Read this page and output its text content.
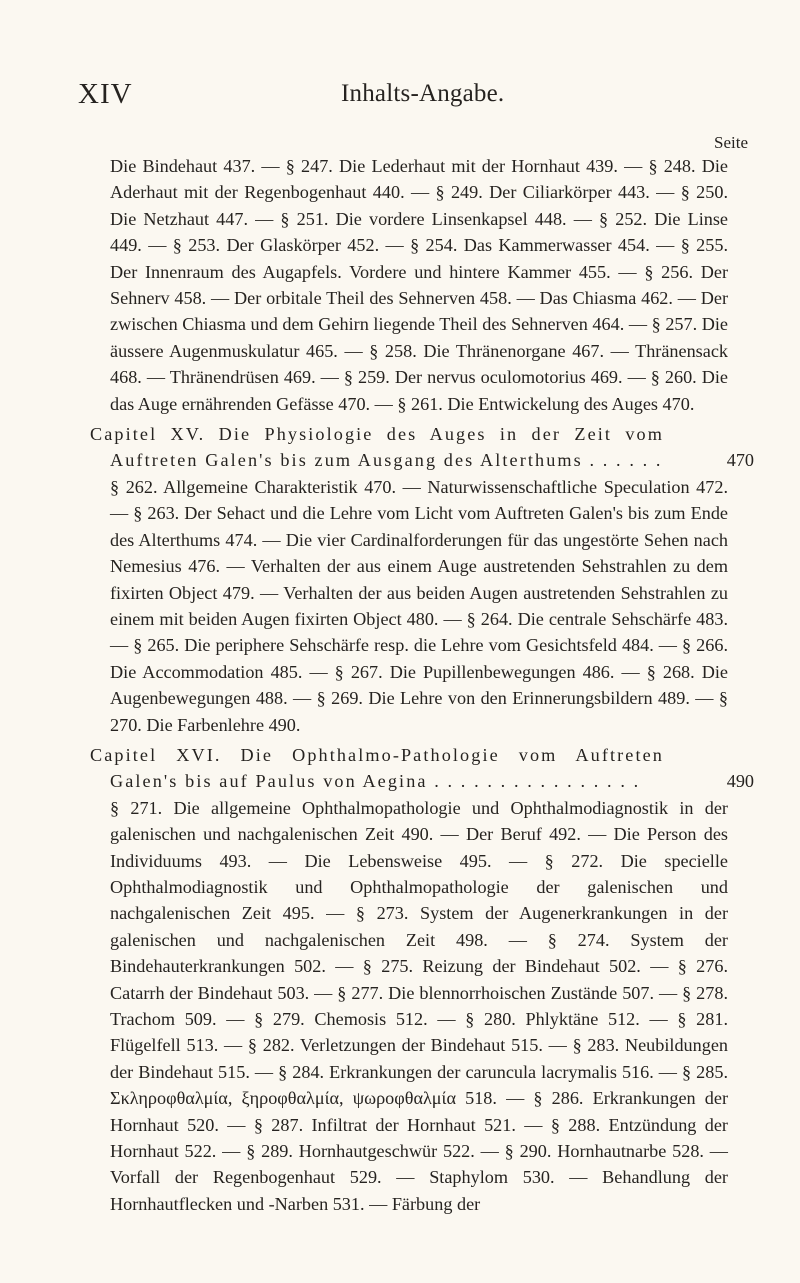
XIV	Inhalts-Angabe.
Seite

Die Bindehaut 437. — § 247. Die Lederhaut mit der Hornhaut 439. — § 248. Die Aderhaut mit der Regenbogenhaut 440. — § 249. Der Ciliarkörper 443. — § 250. Die Netzhaut 447. — § 251. Die vordere Linsenkapsel 448. — § 252. Die Linse 449. — § 253. Der Glaskörper 452. — § 254. Das Kammerwasser 454. — § 255. Der Innenraum des Augapfels. Vordere und hintere Kammer 455. — § 256. Der Sehnerv 458. — Der orbitale Theil des Sehnerven 458. — Das Chiasma 462. — Der zwischen Chiasma und dem Gehirn liegende Theil des Sehnerven 464. — § 257. Die äussere Augenmuskulatur 465. — § 258. Die Thränenorgane 467. — Thränensack 468. — Thränendrüsen 469. — § 259. Der nervus oculomotorius 469. — § 260. Die das Auge ernährenden Gefässe 470. — § 261. Die Entwickelung des Auges 470.

Capitel XV. Die Physiologie des Auges in der Zeit vom Auftreten Galen's bis zum Ausgang des Alterthums . . . . . .	470

§ 262. Allgemeine Charakteristik 470. — Naturwissenschaftliche Speculation 472. — § 263. Der Sehact und die Lehre vom Licht vom Auftreten Galen's bis zum Ende des Alterthums 474. — Die vier Cardinalforderungen für das ungestörte Sehen nach Nemesius 476. — Verhalten der aus einem Auge austretenden Sehstrahlen zu dem fixirten Object 479. — Verhalten der aus beiden Augen austretenden Sehstrahlen zu einem mit beiden Augen fixirten Object 480. — § 264. Die centrale Sehschärfe 483. — § 265. Die periphere Sehschärfe resp. die Lehre vom Gesichtsfeld 484. — § 266. Die Accommodation 485. — § 267. Die Pupillenbewegungen 486. — § 268. Die Augenbewegungen 488. — § 269. Die Lehre von den Erinnerungsbildern 489. — § 270. Die Farbenlehre 490.

Capitel XVI. Die Ophthalmo-Pathologie vom Auftreten Galen's bis auf Paulus von Aegina . . . . . . . . . . . . . . . .	490

§ 271. Die allgemeine Ophthalmopathologie und Ophthalmodiagnostik in der galenischen und nachgalenischen Zeit 490. — Der Beruf 492. — Die Person des Individuums 493. — Die Lebensweise 495. — § 272. Die specielle Ophthalmodiagnostik und Ophthalmopathologie der galenischen und nachgalenischen Zeit 495. — § 273. System der Augenerkrankungen in der galenischen und nachgalenischen Zeit 498. — § 274. System der Bindehauterkrankungen 502. — § 275. Reizung der Bindehaut 502. — § 276. Catarrh der Bindehaut 503. — § 277. Die blennorrhoischen Zustände 507. — § 278. Trachom 509. — § 279. Chemosis 512. — § 280. Phlyktäne 512. — § 281. Flügelfell 513. — § 282. Verletzungen der Bindehaut 515. — § 283. Neubildungen der Bindehaut 515. — § 284. Erkrankungen der caruncula lacrymalis 516. — § 285. Σκληροφθαλμία, ξηροφθαλμία, ψωροφθαλμία 518. — § 286. Erkrankungen der Hornhaut 520. — § 287. Infiltrat der Hornhaut 521. — § 288. Entzündung der Hornhaut 522. — § 289. Hornhautgeschwür 522. — § 290. Hornhautnarbe 528. — Vorfall der Regenbogenhaut 529. — Staphylom 530. — Behandlung der Hornhautflecken und -Narben 531. — Färbung der
